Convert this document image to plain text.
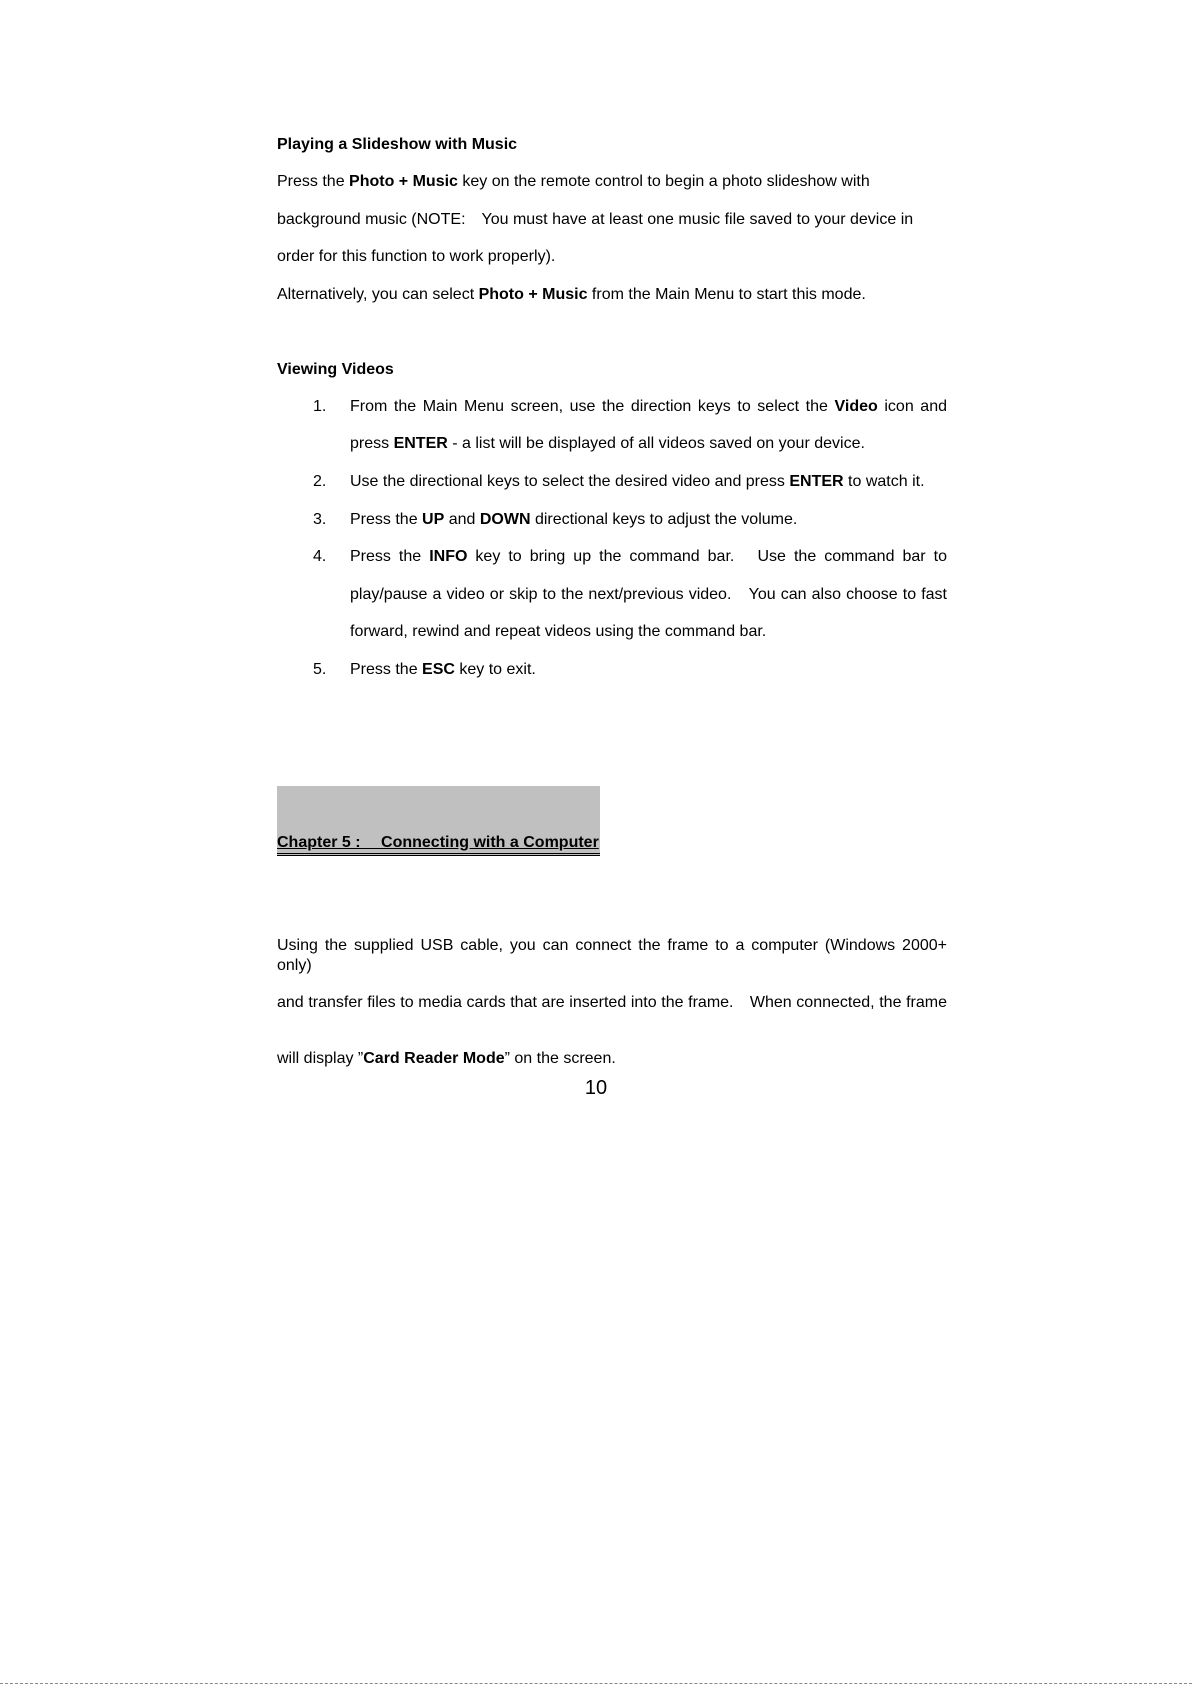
Playing a Slideshow with Music
Press the Photo + Music key on the remote control to begin a photo slideshow with
background music (NOTE:　You must have at least one music file saved to your device in
order for this function to work properly).
Alternatively, you can select Photo + Music from the Main Menu to start this mode.
Viewing Videos
1. From the Main Menu screen, use the direction keys to select the Video icon and
press ENTER - a list will be displayed of all videos saved on your device.
2. Use the directional keys to select the desired video and press ENTER to watch it.
3. Press the UP and DOWN directional keys to adjust the volume.
4. Press the INFO key to bring up the command bar.　Use the command bar to
play/pause a video or skip to the next/previous video.　You can also choose to fast
forward, rewind and repeat videos using the command bar.
5. Press the ESC key to exit.
Chapter 5 :　 Connecting with a Computer
Using the supplied USB cable, you can connect the frame to a computer (Windows 2000+ only)
and transfer files to media cards that are inserted into the frame.　When connected, the frame
will display ”Card Reader Mode” on the screen.
10
